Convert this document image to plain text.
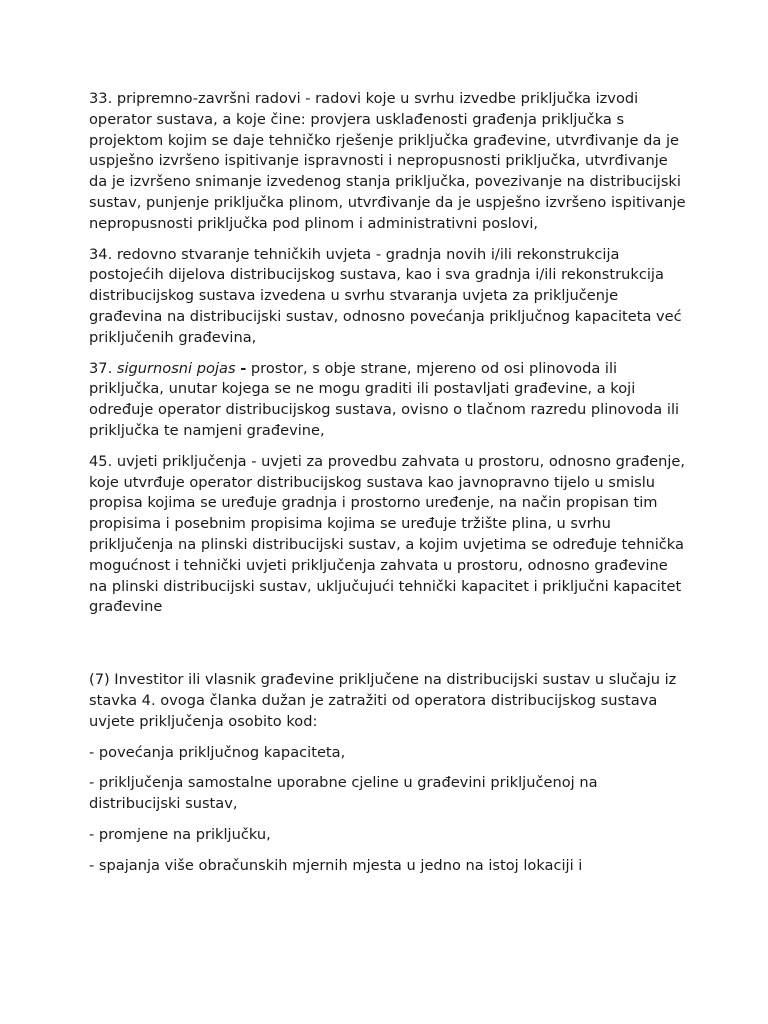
33. pripremno-završni radovi - radovi koje u svrhu izvedbe priključka izvodi operator sustava, a koje čine: provjera usklađenosti građenja priključka s projektom kojim se daje tehničko rješenje priključka građevine, utvrđivanje da je uspješno izvršeno ispitivanje ispravnosti i nepropusnosti priključka, utvrđivanje da je izvršeno snimanje izvedenog stanja priključka, povezivanje na distribucijski sustav, punjenje priključka plinom, utvrđivanje da je uspješno izvršeno ispitivanje nepropusnosti priključka pod plinom i administrativni poslovi,

34. redovno stvaranje tehničkih uvjeta - gradnja novih i/ili rekonstrukcija postojećih dijelova distribucijskog sustava, kao i sva gradnja i/ili rekonstrukcija distribucijskog sustava izvedena u svrhu stvaranja uvjeta za priključenje građevina na distribucijski sustav, odnosno povećanja priključnog kapaciteta već priključenih građevina,

37. sigurnosni pojas - prostor, s obje strane, mjereno od osi plinovoda ili priključka, unutar kojega se ne mogu graditi ili postavljati građevine, a koji određuje operator distribucijskog sustava, ovisno o tlačnom razredu plinovoda ili priključka te namjeni građevine,

45. uvjeti priključenja - uvjeti za provedbu zahvata u prostoru, odnosno građenje, koje utvrđuje operator distribucijskog sustava kao javnopravno tijelo u smislu propisa kojima se uređuje gradnja i prostorno uređenje, na način propisan tim propisima i posebnim propisima kojima se uređuje tržište plina, u svrhu priključenja na plinski distribucijski sustav, a kojim uvjetima se određuje tehnička mogućnost i tehnički uvjeti priključenja zahvata u prostoru, odnosno građevine na plinski distribucijski sustav, uključujući tehnički kapacitet i priključni kapacitet građevine

(7) Investitor ili vlasnik građevine priključene na distribucijski sustav u slučaju iz stavka 4. ovoga članka dužan je zatražiti od operatora distribucijskog sustava uvjete priključenja osobito kod:

- povećanja priključnog kapaciteta,

- priključenja samostalne uporabne cjeline u građevini priključenoj na distribucijski sustav,

- promjene na priključku,

- spajanja više obračunskih mjernih mjesta u jedno na istoj lokaciji i
